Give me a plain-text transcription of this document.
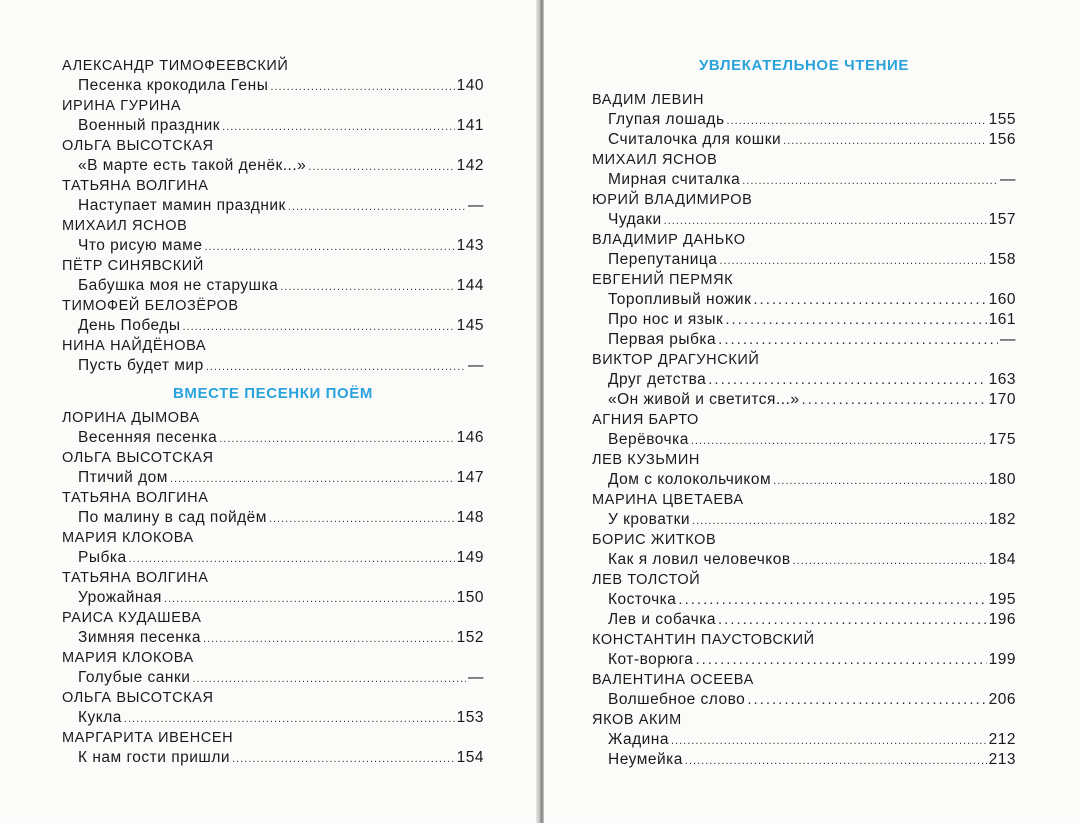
АЛЕКСАНДР ТИМОФЕЕВСКИЙ
Песенка крокодила Гены .....	140
ИРИНА ГУРИНА
Военный праздник .....	141
ОЛЬГА ВЫСОТСКАЯ
«В марте есть такой денёк...» .....	142
ТАТЬЯНА ВОЛГИНА
Наступает мамин праздник .....	—
МИХАИЛ ЯСНОВ
Что рисую маме .....	143
ПЁТР СИНЯВСКИЙ
Бабушка моя не старушка .....	144
ТИМОФЕЙ БЕЛОЗЁРОВ
День Победы .....	145
НИНА НАЙДЁНОВА
Пусть будет мир .....	—
ВМЕСТЕ ПЕСЕНКИ ПОЁМ
ЛОРИНА ДЫМОВА
Весенняя песенка .....	146
ОЛЬГА ВЫСОТСКАЯ
Птичий дом .....	147
ТАТЬЯНА ВОЛГИНА
По малину в сад пойдём .....	148
МАРИЯ КЛОКОВА
Рыбка .....	149
ТАТЬЯНА ВОЛГИНА
Урожайная .....	150
РАИСА КУДАШЕВА
Зимняя песенка .....	152
МАРИЯ КЛОКОВА
Голубые санки .....	—
ОЛЬГА ВЫСОТСКАЯ
Кукла .....	153
МАРГАРИТА ИВЕНСЕН
К нам гости пришли .....	154
УВЛЕКАТЕЛЬНОЕ ЧТЕНИЕ
ВАДИМ ЛЕВИН
Глупая лошадь .....	155
Считалочка для кошки .....	156
МИХАИЛ ЯСНОВ
Мирная считалка .....	—
ЮРИЙ ВЛАДИМИРОВ
Чудаки .....	157
ВЛАДИМИР ДАНЬКО
Перепутаница .....	158
ЕВГЕНИЙ ПЕРМЯК
Торопливый ножик .....	160
Про нос и язык .....	161
Первая рыбка .....	—
ВИКТОР ДРАГУНСКИЙ
Друг детства .....	163
«Он живой и светится...» .....	170
АГНИЯ БАРТО
Верёвочка .....	175
ЛЕВ КУЗЬМИН
Дом с колокольчиком .....	180
МАРИНА ЦВЕТАЕВА
У кроватки .....	182
БОРИС ЖИТКОВ
Как я ловил человечков .....	184
ЛЕВ ТОЛСТОЙ
Косточка .....	195
Лев и собачка .....	196
КОНСТАНТИН ПАУСТОВСКИЙ
Кот-ворюга .....	199
ВАЛЕНТИНА ОСЕЕВА
Волшебное слово .....	206
ЯКОВ АКИМ
Жадина .....	212
Неумейка .....	213
